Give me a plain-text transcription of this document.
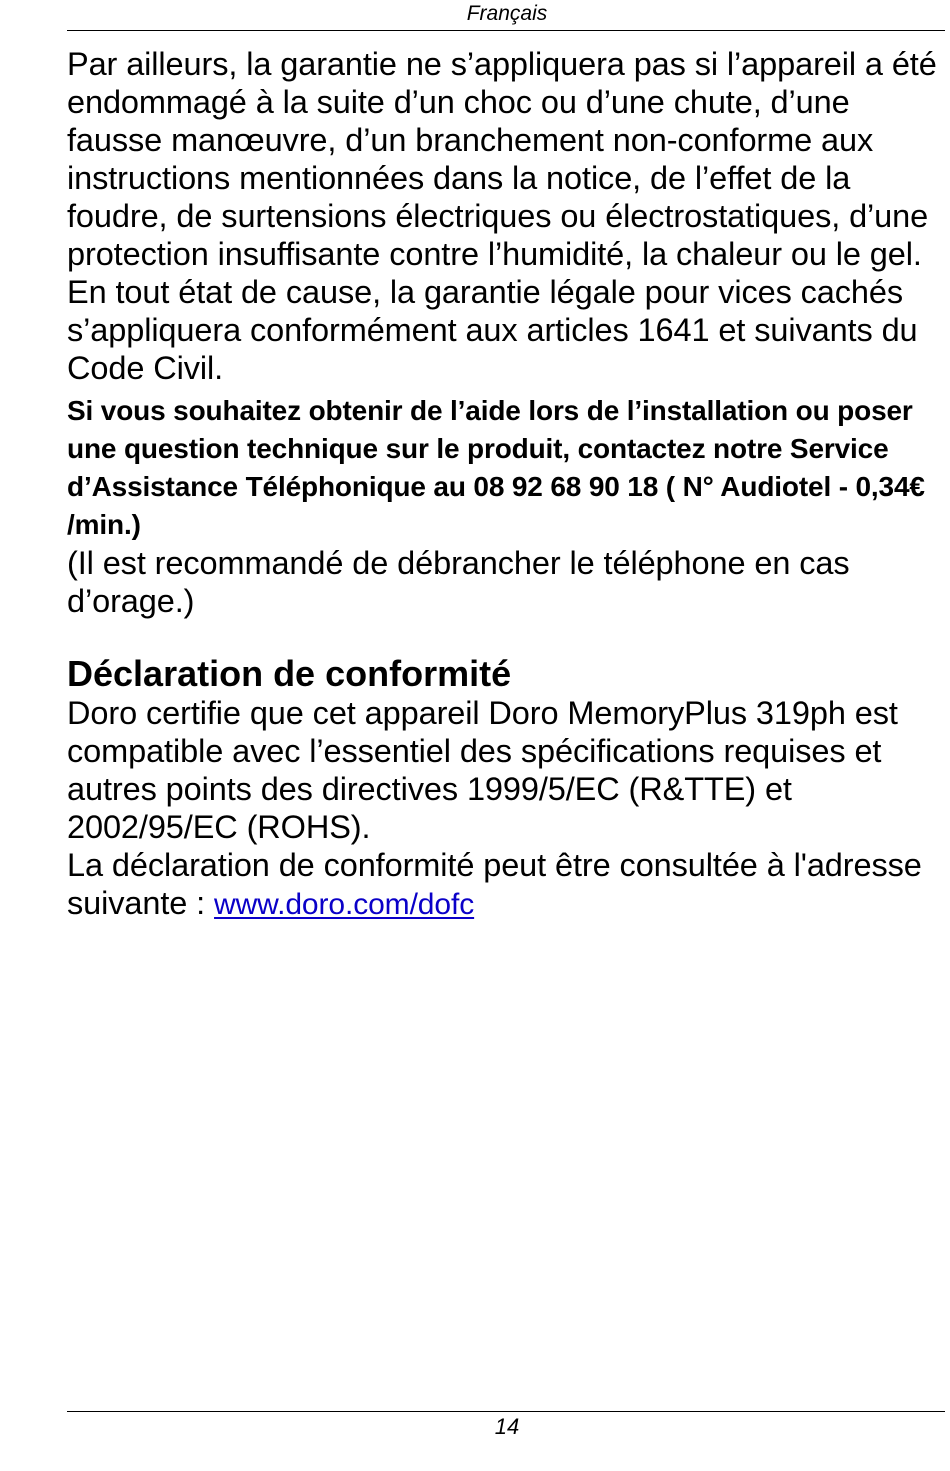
Français

Par ailleurs, la garantie ne s’appliquera pas si l’appareil a été endommagé à la suite d’un choc ou d’une chute, d’une fausse manœuvre, d’un branchement non-conforme aux instructions mentionnées dans la notice, de l’effet de la foudre, de surtensions électriques ou électrostatiques, d’une protection insuffisante contre l’humidité, la chaleur ou le gel. En tout état de cause, la garantie légale pour vices cachés s’appliquera conformément aux articles 1641 et suivants du Code Civil.

Si vous souhaitez obtenir de l’aide lors de l’installation ou poser une question technique sur le produit, contactez notre Service d’Assistance Téléphonique au 08 92 68 90 18 ( N° Audiotel - 0,34€ /min.)

(Il est recommandé de débrancher le téléphone en cas d’orage.)

Déclaration de conformité

Doro certifie que cet appareil Doro MemoryPlus 319ph est compatible avec l’essentiel des spécifications requises et autres points des directives 1999/5/EC (R&TTE) et 2002/95/EC (ROHS).

La déclaration de conformité peut être consultée à l'adresse suivante : www.doro.com/dofc

14
